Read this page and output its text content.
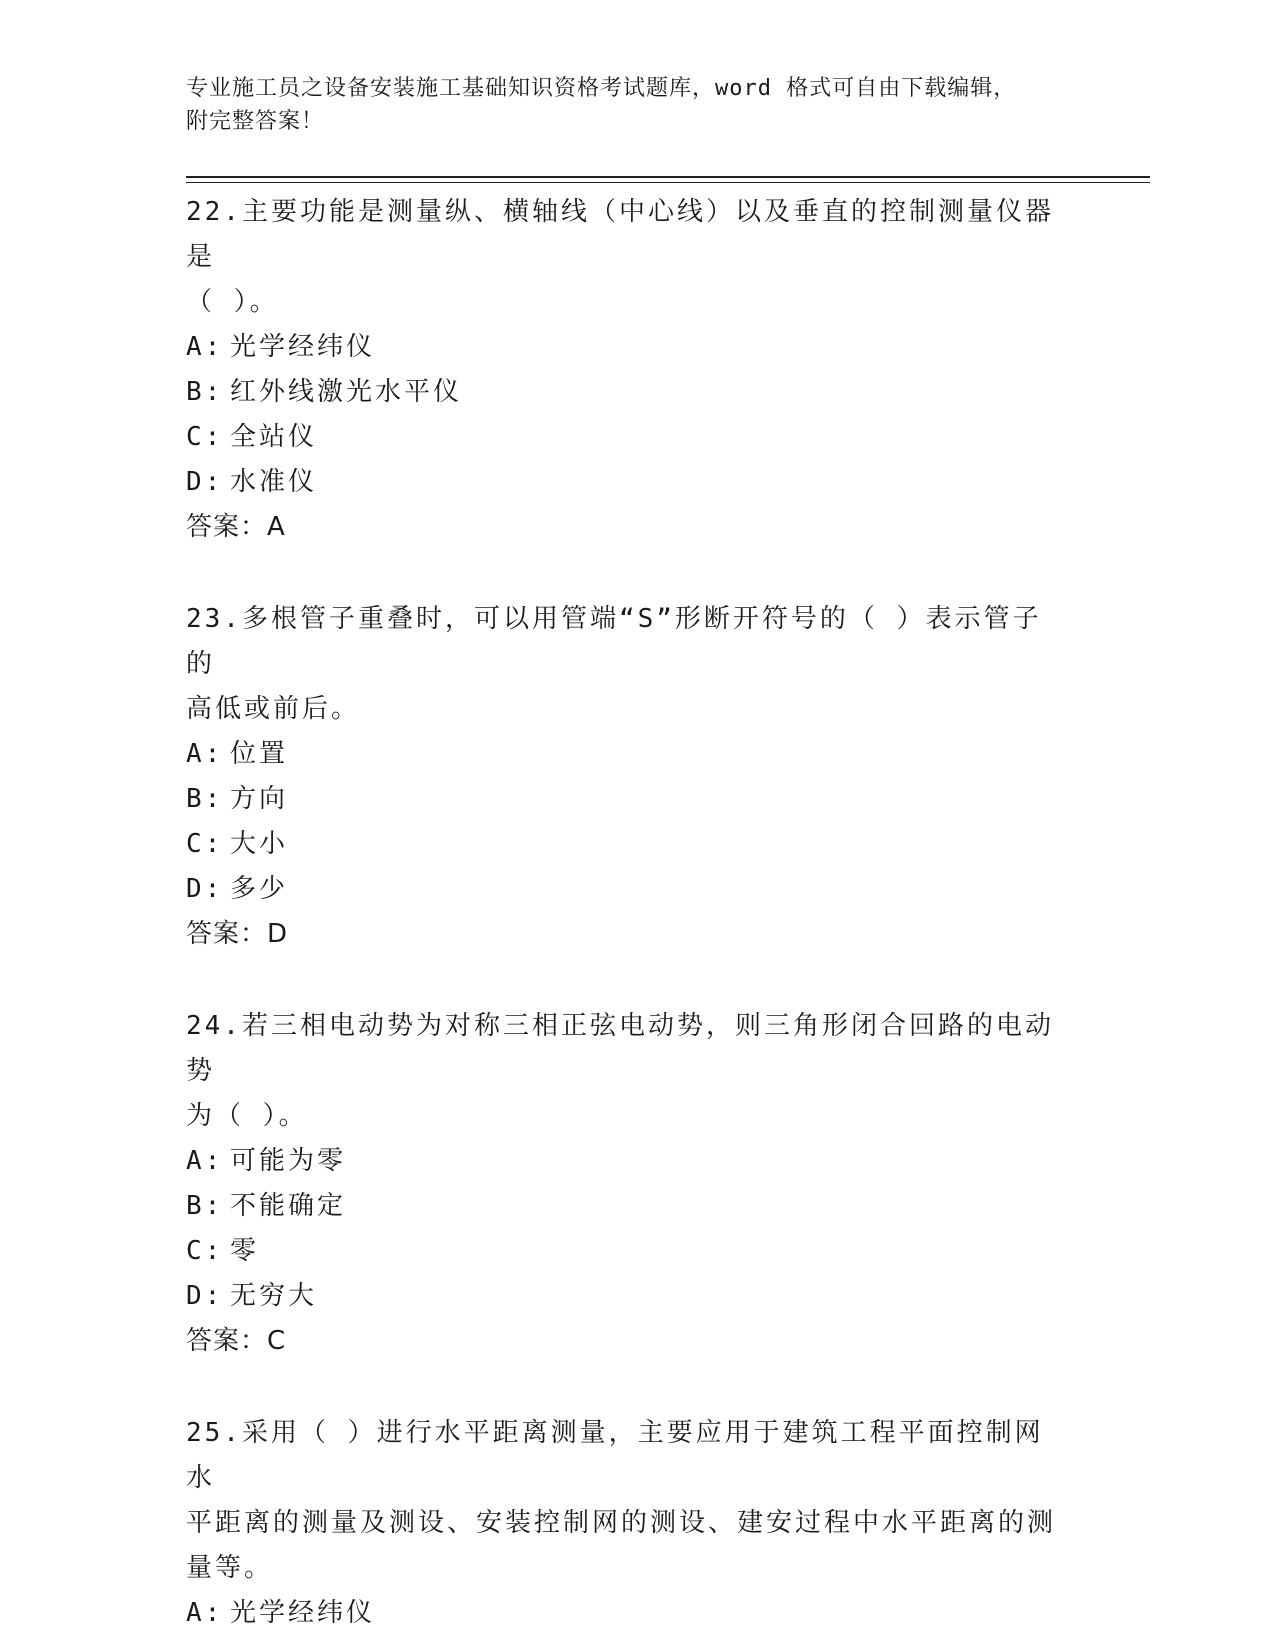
专业施工员之设备安装施工基础知识资格考试题库，word 格式可自由下载编辑，
附完整答案！

22.主要功能是测量纵、横轴线（中心线）以及垂直的控制测量仪器是

（ ）。

A: 光学经纬仪
B: 红外线激光水平仪
C: 全站仪
D: 水准仪

答案：A

23.多根管子重叠时，可以用管端“S”形断开符号的（ ）表示管子的

高低或前后。

A: 位置
B: 方向
C: 大小
D: 多少

答案：D

24.若三相电动势为对称三相正弦电动势，则三角形闭合回路的电动势

为（ ）。

A: 可能为零
B: 不能确定
C: 零
D: 无穷大

答案：C

25.采用（ ）进行水平距离测量，主要应用于建筑工程平面控制网水

平距离的测量及测设、安装控制网的测设、建安过程中水平距离的测

量等。

A: 光学经纬仪
